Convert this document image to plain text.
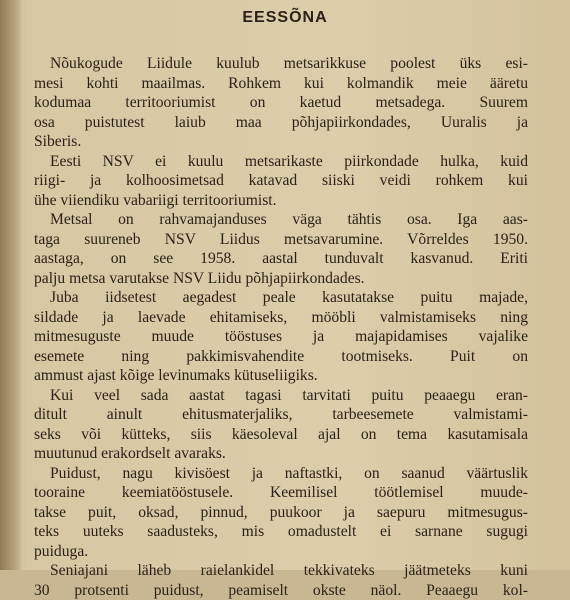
EESSÕNA
Nõukogude Liidule kuulub metsarikkuse poolest üks esi-
mesi kohti maailmas. Rohkem kui kolmandik meie ääretu
kodumaa territooriumist on kaetud metsadega. Suurem
osa puistutest laiub maa põhjapiirkondades, Uuralis ja
Siberis.
Eesti NSV ei kuulu metsarikaste piirkondade hulka, kuid
riigi- ja kolhoosimetsad katavad siiski veidi rohkem kui
ühe viiendiku vabariigi territooriumist.
Metsal on rahvamajanduses väga tähtis osa. Iga aas-
taga suureneb NSV Liidus metsavarumine. Võrreldes 1950.
aastaga, on see 1958. aastal tunduvalt kasvanud. Eriti
palju metsa varutakse NSV Liidu põhjapiirkondades.
Juba iidsetest aegadest peale kasutatakse puitu majade,
sildade ja laevade ehitamiseks, mööbli valmistamiseks ning
mitmesuguste muude tööstuses ja majapidamises vajalike
esemete ning pakkimisvahendite tootmiseks. Puit on
ammust ajast kõige levinumaks kütuseliigiks.
Kui veel sada aastat tagasi tarvitati puitu peaaegu eran-
ditult ainult ehitusmaterjaliks, tarbeesemete valmistami-
seks või kütteks, siis käesoleval ajal on tema kasutamisala
muutunud erakordselt avaraks.
Puidust, nagu kivisöest ja naftastki, on saanud väärtuslik
tooraine keemiatööstusele. Keemilisel töötlemisel muude-
takse puit, oksad, pinnud, puukoor ja saepuru mitmesugus-
teks uuteks saadusteks, mis omadustelt ei sarnane sugugi
puiduga.
Seniajani läheb raielankidel tekkivateks jäätmeteks kuni
30 protsenti puidust, peamiselt okste näol. Peaaegu kol-
